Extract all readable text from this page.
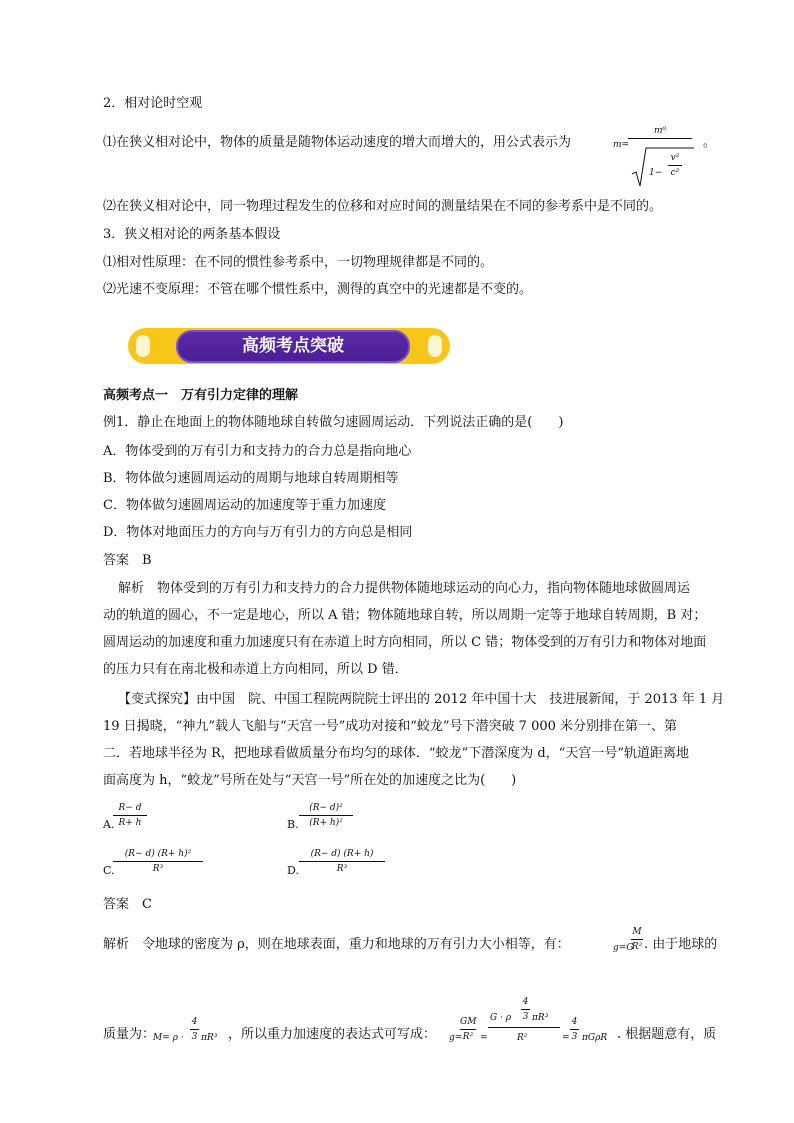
2．相对论时空观
⑴在狭义相对论中，物体的质量是随物体运动速度的增大而增大的，用公式表示为	m=
m⁰
1−
v²
c²
。
⑵在狭义相对论中，同一物理过程发生的位移和对应时间的测量结果在不同的参考系中是不同的。
3．狭义相对论的两条基本假设
⑴相对性原理：在不同的惯性参考系中，一切物理规律都是不同的。
⑵光速不变原理：不管在哪个惯性系中，测得的真空中的光速都是不变的。
高频考点突破
高频考点一　万有引力定律的理解
例1．静止在地面上的物体随地球自转做匀速圆周运动．下列说法正确的是(　　)
A．物体受到的万有引力和支持力的合力总是指向地心
B．物体做匀速圆周运动的周期与地球自转周期相等
C．物体做匀速圆周运动的加速度等于重力加速度
D．物体对地面压力的方向与万有引力的方向总是相同
答案　B
解析　物体受到的万有引力和支持力的合力提供物体随地球运动的向心力，指向物体随地球做圆周运
动的轨道的圆心，不一定是地心，所以 A 错；物体随地球自转，所以周期一定等于地球自转周期，B 对；
圆周运动的加速度和重力加速度只有在赤道上时方向相同，所以 C 错；物体受到的万有引力和物体对地面
的压力只有在南北极和赤道上方向相同，所以 D 错．
【变式探究】由中国　院、中国工程院两院院士评出的 2012 年中国十大　技进展新闻，于 2013 年 1 月
19 日揭晓，“神九”载人飞船与“天宫一号”成功对接和“蛟龙”号下潜突破 7 000 米分别排在第一、第
二．若地球半径为 R，把地球看做质量分布均匀的球体．“蛟龙”下潜深度为 d，“天宫一号”轨道距离地
面高度为 h，“蛟龙”号所在处与“天宫一号”所在处的加速度之比为(　　)
A.
R− d
R+ h	B.
(R− d)²
(R+ h)²
C.
(R− d) (R+ h)²
R³	D.
(R− d) (R+ h)
R³
答案　C
解析　令地球的密度为 ρ，则在地球表面，重力和地球的万有引力大小相等，有：	g=G
M
R² . 由于地球的
质量为：
M= ρ ·
4
3 πR³ ，所以重力加速度的表达式可写成： g=
GM
R² =
G · ρ
4
3 πR³
R²	=
4
3 πGρR . 根据题意有，质
